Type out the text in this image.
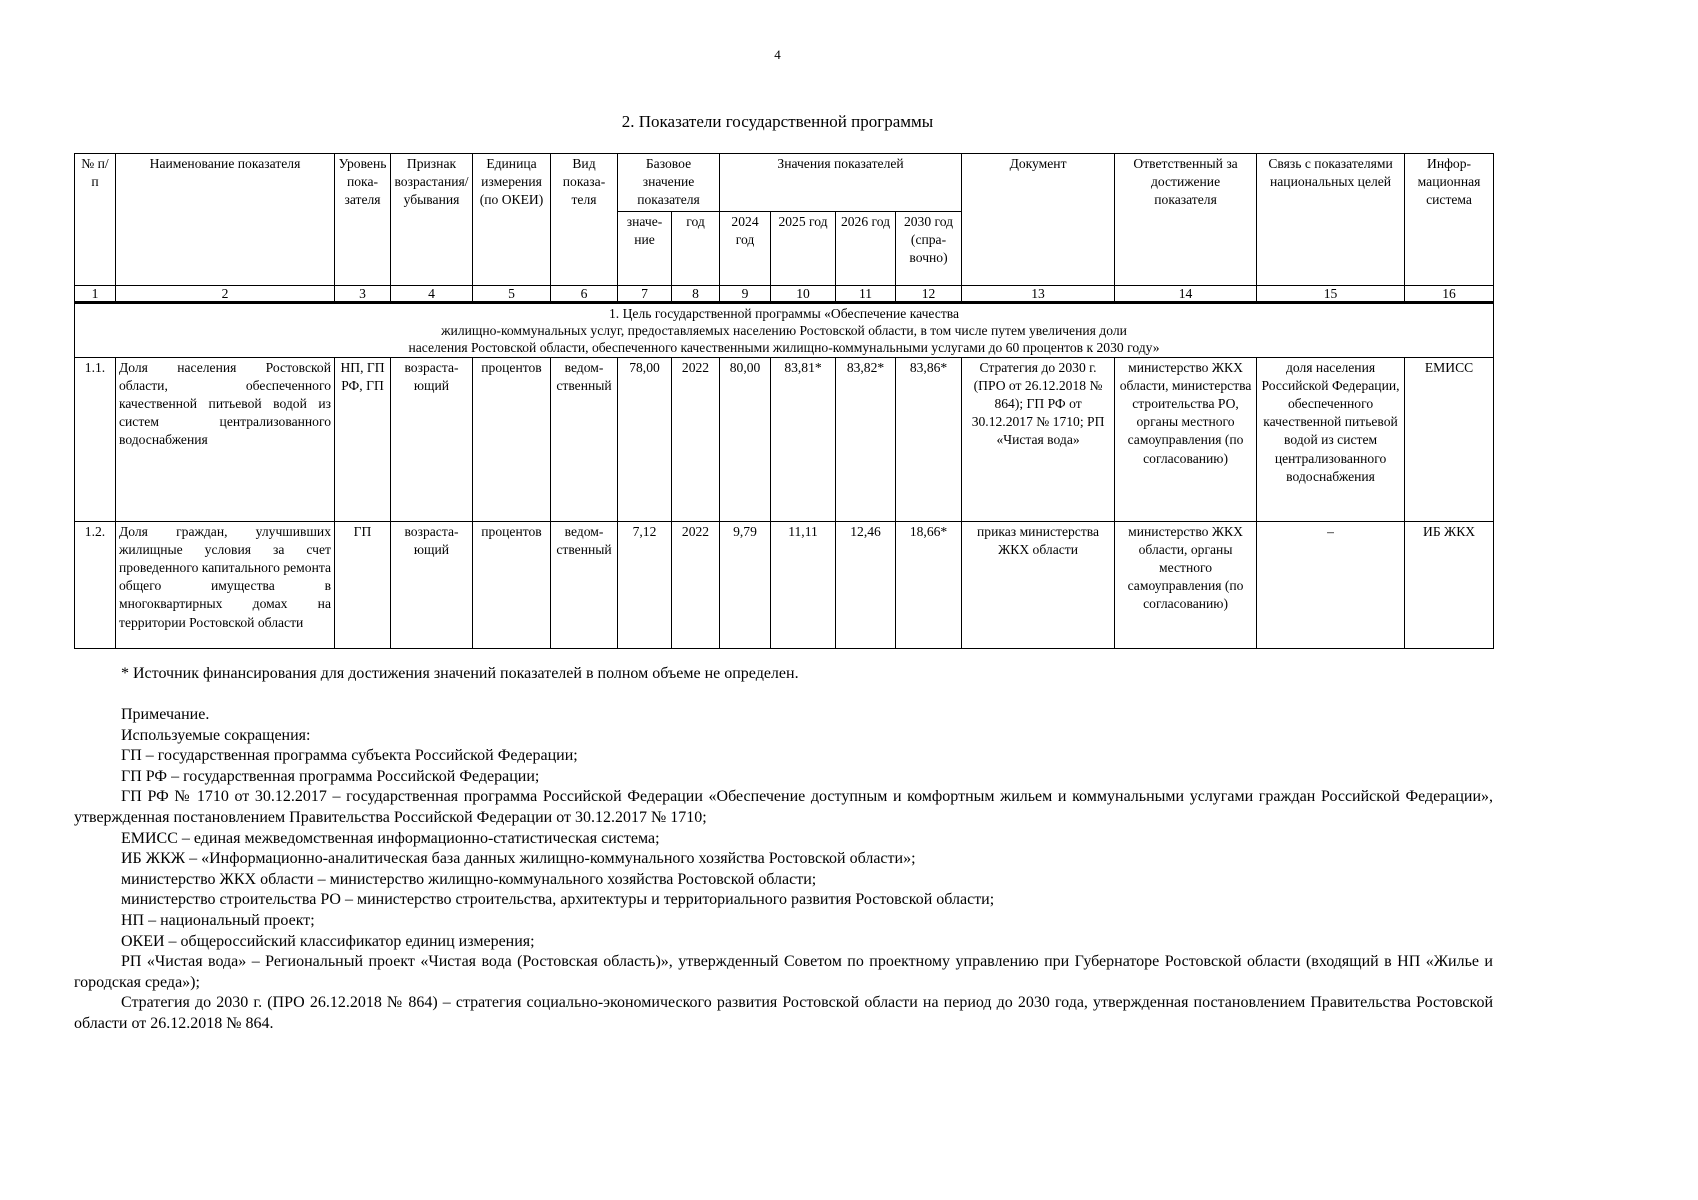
4
2. Показатели государственной программы
№ п/п	Наименование показателя	Уровень показателя	Признак возрастания/ убывания	Единица измерения (по ОКЕИ)	Вид показателя	Базовое значение показателя		Значения показателей				Документ	Ответственный за достижение показателя	Связь с показателями национальных целей	Информационная система
						значение	год	2024 год	2025 год	2026 год	2030 год (справочно)				
1	2	3	4	5	6	7	8	9	10	11	12	13	14	15	16

1. Цель государственной программы «Обеспечение качества
жилищно-коммунальных услуг, предоставляемых населению Ростовской области, в том числе путем увеличения доли
населения Ростовской области, обеспеченного качественными жилищно-коммунальными услугами до 60 процентов к 2030 году»															

1.1.	Доля населения Ростовской области, обеспеченного качественной питьевой водой из систем централизованного водоснабжения	НП, ГП РФ, ГП	возрастающий	процентов	ведомственный	78,00	2022	80,00	83,81*	83,82*	83,86*	Стратегия до 2030 г. (ПРО от 26.12.2018 № 864); ГП РФ от 30.12.2017 № 1710; РП «Чистая вода»	министерство ЖКХ области, министерства строительства РО, органы местного самоуправления (по согласованию)	доля населения Российской Федерации, обеспеченного качественной питьевой водой из систем централизованного водоснабжения	ЕМИСС
1.2.	Доля граждан, улучшивших жилищные условия за счет проведенного капитального ремонта общего имущества в многоквартирных домах на территории Ростовской области	ГП	возрастающий	процентов	ведомственный	7,12	2022	9,79	11,11	12,46	18,66*	приказ министерства ЖКХ области	министерство ЖКХ области, органы местного самоуправления (по согласованию)	–	ИБ ЖКХ
* Источник финансирования для достижения значений показателей в полном объеме не определен.
Примечание.
Используемые сокращения:
ГП – государственная программа субъекта Российской Федерации;
ГП РФ – государственная программа Российской Федерации;
ГП РФ № 1710 от 30.12.2017 – государственная программа Российской Федерации «Обеспечение доступным и комфортным жильем и коммунальными услугами граждан Российской Федерации», утвержденная постановлением Правительства Российской Федерации от 30.12.2017 № 1710;
ЕМИСС – единая межведомственная информационно-статистическая система;
ИБ ЖКЖ – «Информационно-аналитическая база данных жилищно-коммунального хозяйства Ростовской области»;
министерство ЖКХ области – министерство жилищно-коммунального хозяйства Ростовской области;
министерство строительства РО – министерство строительства, архитектуры и территориального развития Ростовской области;
НП – национальный проект;
ОКЕИ – общероссийский классификатор единиц измерения;
РП «Чистая вода» – Региональный проект «Чистая вода (Ростовская область)», утвержденный Советом по проектному управлению при Губернаторе Ростовской области (входящий в НП «Жилье и городская среда»);
Стратегия до 2030 г. (ПРО 26.12.2018 № 864) – стратегия социально-экономического развития Ростовской области на период до 2030 года, утвержденная постановлением Правительства Ростовской области от 26.12.2018 № 864.
